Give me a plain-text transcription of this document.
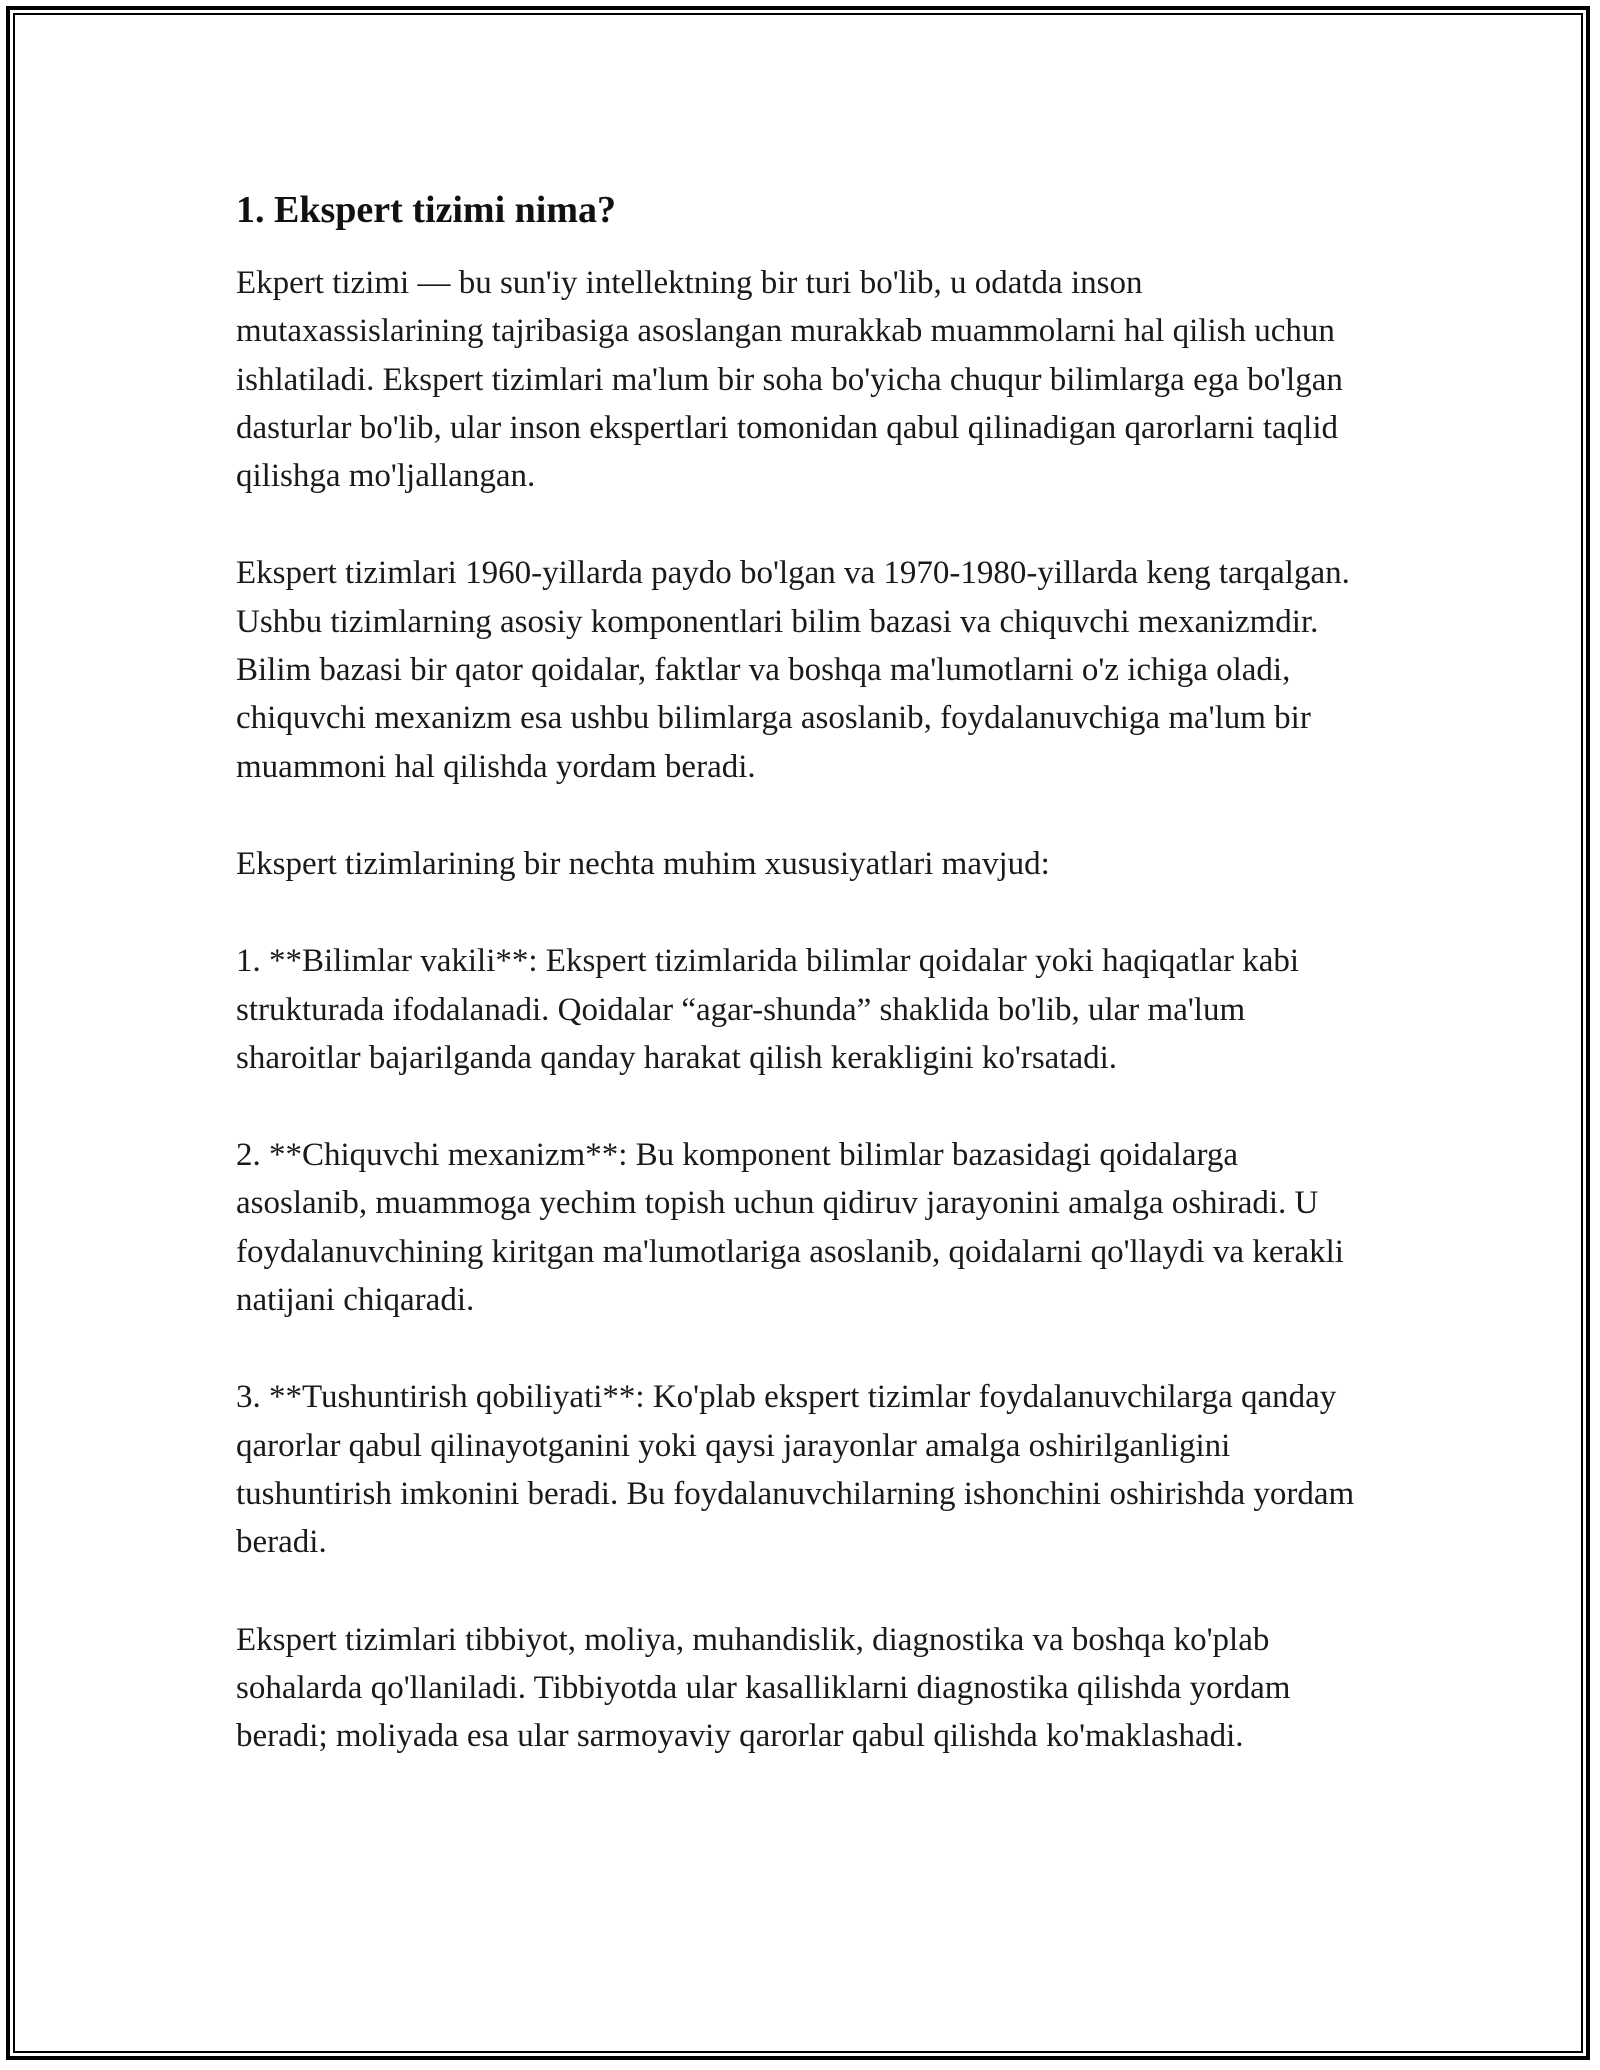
1. Ekspert tizimi nima?

Ekpert tizimi — bu sun'iy intellektning bir turi bo'lib, u odatda inson mutaxassislarining tajribasiga asoslangan murakkab muammolarni hal qilish uchun ishlatiladi. Ekspert tizimlari ma'lum bir soha bo'yicha chuqur bilimlarga ega bo'lgan dasturlar bo'lib, ular inson ekspertlari tomonidan qabul qilinadigan qarorlarni taqlid qilishga mo'ljallangan.

Ekspert tizimlari 1960-yillarda paydo bo'lgan va 1970-1980-yillarda keng tarqalgan. Ushbu tizimlarning asosiy komponentlari bilim bazasi va chiquvchi mexanizmdir. Bilim bazasi bir qator qoidalar, faktlar va boshqa ma'lumotlarni o'z ichiga oladi, chiquvchi mexanizm esa ushbu bilimlarga asoslanib, foydalanuvchiga ma'lum bir muammoni hal qilishda yordam beradi.

Ekspert tizimlarining bir nechta muhim xususiyatlari mavjud:

1. **Bilimlar vakili**: Ekspert tizimlarida bilimlar qoidalar yoki haqiqatlar kabi strukturada ifodalanadi. Qoidalar “agar-shunda” shaklida bo'lib, ular ma'lum sharoitlar bajarilganda qanday harakat qilish kerakligini ko'rsatadi.

2. **Chiquvchi mexanizm**: Bu komponent bilimlar bazasidagi qoidalarga asoslanib, muammoga yechim topish uchun qidiruv jarayonini amalga oshiradi. U foydalanuvchining kiritgan ma'lumotlariga asoslanib, qoidalarni qo'llaydi va kerakli natijani chiqaradi.

3. **Tushuntirish qobiliyati**: Ko'plab ekspert tizimlar foydalanuvchilarga qanday qarorlar qabul qilinayotganini yoki qaysi jarayonlar amalga oshirilganligini tushuntirish imkonini beradi. Bu foydalanuvchilarning ishonchini oshirishda yordam beradi.

Ekspert tizimlari tibbiyot, moliya, muhandislik, diagnostika va boshqa ko'plab sohalarda qo'llaniladi. Tibbiyotda ular kasalliklarni diagnostika qilishda yordam beradi; moliyada esa ular sarmoyaviy qarorlar qabul qilishda ko'maklashadi.
